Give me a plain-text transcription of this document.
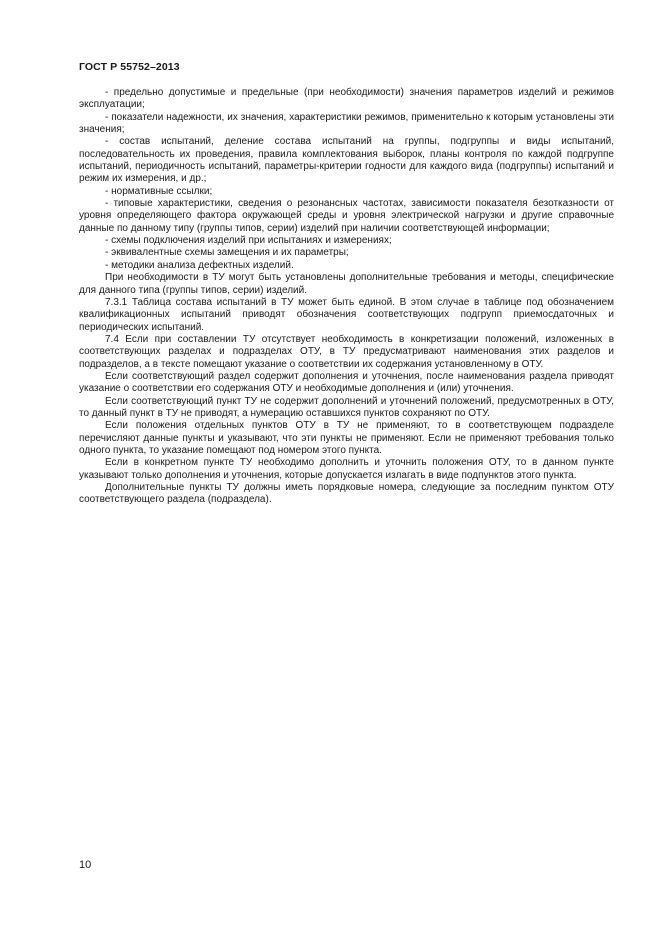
ГОСТ Р 55752–2013

- предельно допустимые и предельные (при необходимости) значения параметров изделий и режимов эксплуатации;

- показатели надежности, их значения, характеристики режимов, применительно к которым установлены эти значения;

- состав испытаний, деление состава испытаний на группы, подгруппы и виды испытаний, последовательность их проведения, правила комплектования выборок, планы контроля по каждой подгруппе испытаний, периодичность испытаний, параметры-критерии годности для каждого вида (подгруппы) испытаний и режим их измерения, и др.;

- нормативные ссылки;

- типовые характеристики, сведения о резонансных частотах, зависимости показателя безотказности от уровня определяющего фактора окружающей среды и уровня электрической нагрузки и другие справочные данные по данному типу (группы типов, серии) изделий при наличии соответствующей информации;

- схемы подключения изделий при испытаниях и измерениях;

- эквивалентные схемы замещения и их параметры;

- методики анализа дефектных изделий.

При необходимости в ТУ могут быть установлены дополнительные требования и методы, специфические для данного типа (группы типов, серии) изделий.

7.3.1 Таблица состава испытаний в ТУ может быть единой. В этом случае в таблице под обозначением квалификационных испытаний приводят обозначения соответствующих подгрупп приемосдаточных и периодических испытаний.

7.4 Если при составлении ТУ отсутствует необходимость в конкретизации положений, изложенных в соответствующих разделах и подразделах ОТУ, в ТУ предусматривают наименования этих разделов и подразделов, а в тексте помещают указание о соответствии их содержания установленному в ОТУ.

Если соответствующий раздел содержит дополнения и уточнения, после наименования раздела приводят указание о соответствии его содержания ОТУ и необходимые дополнения и (или) уточнения.

Если соответствующий пункт ТУ не содержит дополнений и уточнений положений, предусмотренных в ОТУ, то данный пункт в ТУ не приводят, а нумерацию оставшихся пунктов сохраняют по ОТУ.

Если положения отдельных пунктов ОТУ в ТУ не применяют, то в соответствующем подразделе перечисляют данные пункты и указывают, что эти пункты не применяют. Если не применяют требования только одного пункта, то указание помещают под номером этого пункта.

Если в конкретном пункте ТУ необходимо дополнить и уточнить положения ОТУ, то в данном пункте указывают только дополнения и уточнения, которые допускается излагать в виде подпунктов этого пункта.

Дополнительные пункты ТУ должны иметь порядковые номера, следующие за последним пунктом ОТУ соответствующего раздела (подраздела).

10
